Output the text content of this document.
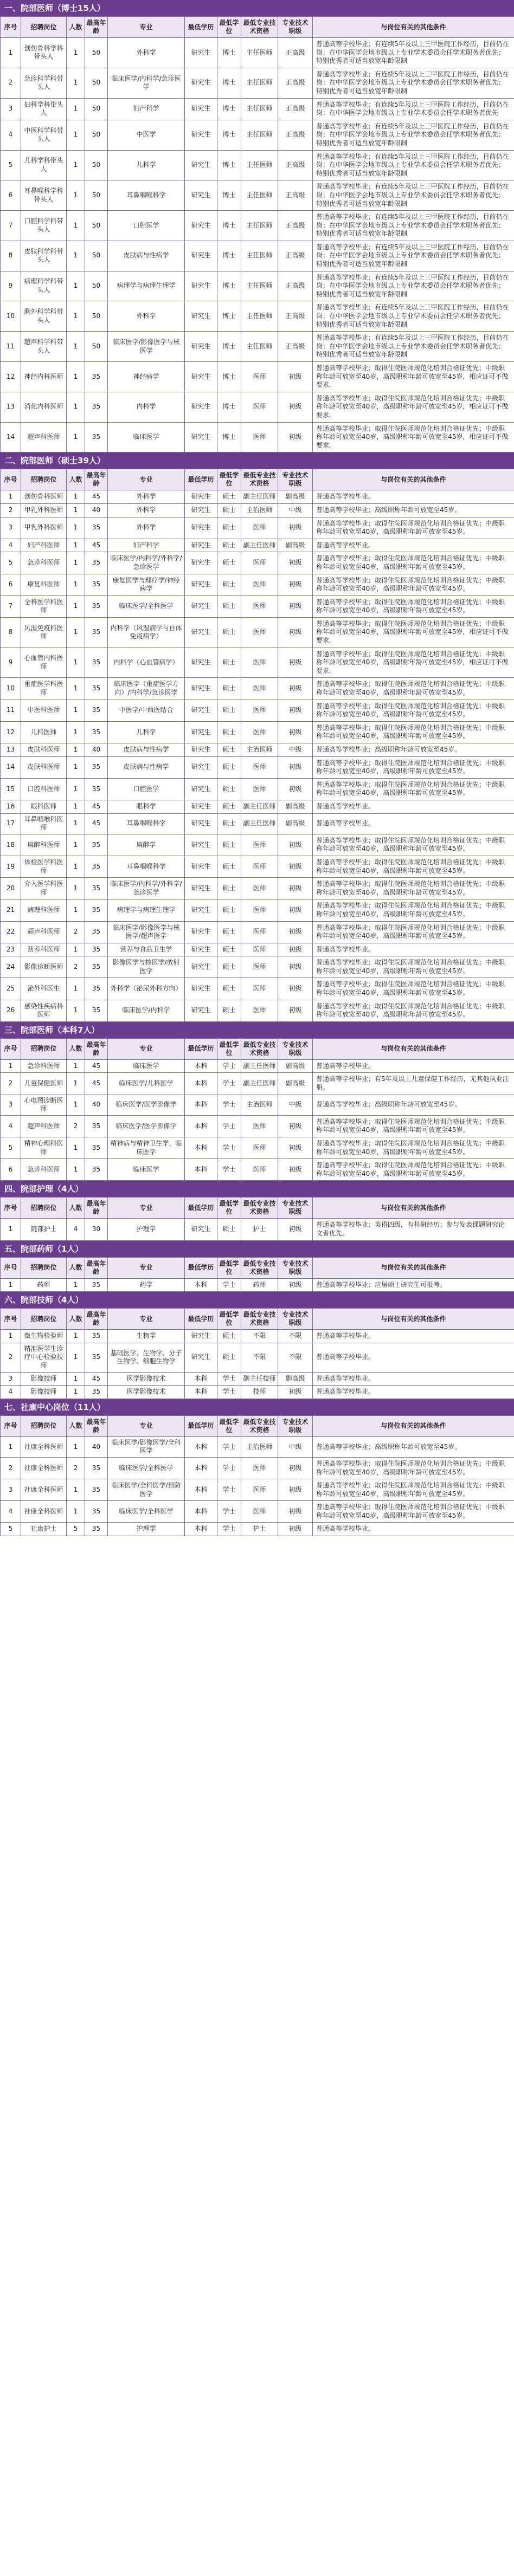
一、院部医师（博士15人）
序号	招聘岗位	人数	最高年龄	专业	最低学历	最低学位	最低专业技术资格	专业技术职级	与岗位有关的其他条件
1	创伤骨科学科带头人	1	50	外科学	研究生	博士	主任医师	正高级	普通高等学校毕业；有连续5年及以上三甲医院工作经历，目前仍在岗；在中华医学会地市级以上专业学术委员会任学术职务者优先；特别优秀者可适当放宽年龄限制
2	急诊科学科带头人	1	50	临床医学/内科学/急诊医学	研究生	博士	主任医师	正高级	普通高等学校毕业；有连续5年及以上三甲医院工作经历，目前仍在岗；在中华医学会地市级以上专业学术委员会任学术职务者优先；特别优秀者可适当放宽年龄限制
3	妇科学科带头人	1	50	妇产科学	研究生	博士	主任医师	正高级	普通高等学校毕业；有连续5年及以上三甲医院工作经历，目前仍在岗；在中华医学会地市级以上专业学术委员会任学术职务者优先
4	中医科学科带头人	1	50	中医学	研究生	博士	主任医师	正高级	普通高等学校毕业；有连续5年及以上三甲医院工作经历，目前仍在岗；在中华医学会地市级以上专业学术委员会任学术职务者优先；特别优秀者可适当放宽年龄限制
5	儿科学科带头人	1	50	儿科学	研究生	博士	主任医师	正高级	普通高等学校毕业；有连续5年及以上三甲医院工作经历，目前仍在岗；在中华医学会地市级以上专业学术委员会任学术职务者优先；特别优秀者可适当放宽年龄限制
6	耳鼻喉科学科带头人	1	50	耳鼻咽喉科学	研究生	博士	主任医师	正高级	普通高等学校毕业；有连续5年及以上三甲医院工作经历，目前仍在岗；在中华医学会地市级以上专业学术委员会任学术职务者优先；特别优秀者可适当放宽年龄限制
7	口腔科学科带头人	1	50	口腔医学	研究生	博士	主任医师	正高级	普通高等学校毕业；有连续5年及以上三甲医院工作经历，目前仍在岗；在中华医学会地市级以上专业学术委员会任学术职务者优先；特别优秀者可适当放宽年龄限制
8	皮肤科学科带头人	1	50	皮肤病与性病学	研究生	博士	主任医师	正高级	普通高等学校毕业；有连续5年及以上三甲医院工作经历，目前仍在岗；在中华医学会地市级以上专业学术委员会任学术职务者优先；特别优秀者可适当放宽年龄限制
9	病理科学科带头人	1	50	病理学与病理生理学	研究生	博士	主任医师	正高级	普通高等学校毕业；有连续5年及以上三甲医院工作经历，目前仍在岗；在中华医学会地市级以上专业学术委员会任学术职务者优先；特别优秀者可适当放宽年龄限制
10	胸外科学科带头人	1	50	外科学	研究生	博士	主任医师	正高级	普通高等学校毕业；有连续5年及以上三甲医院工作经历，目前仍在岗；在中华医学会地市级以上专业学术委员会任学术职务者优先；特别优秀者可适当放宽年龄限制
11	超声科学科带头人	1	50	临床医学/影像医学与核医学	研究生	博士	主任医师	正高级	普通高等学校毕业；有连续5年及以上三甲医院工作经历，目前仍在岗；在中华医学会地市级以上专业学术委员会任学术职务者优先；特别优秀者可适当放宽年龄限制
12	神经内科医师	1	35	神经病学	研究生	博士	医师	初级	普通高等学校毕业；取得住院医师规范化培训合格证优先；中级职称年龄可放宽至40岁，高级职称年龄可放宽至45岁，相应证可不做要求。
13	消化内科医师	1	35	内科学	研究生	博士	医师	初级	普通高等学校毕业；取得住院医师规范化培训合格证优先；中级职称年龄可放宽至40岁，高级职称年龄可放宽至45岁，相应证可不做要求。
14	超声科医师	1	35	临床医学	研究生	博士	医师	初级	普通高等学校毕业；取得住院医师规范化培训合格证优先；中级职称年龄可放宽至40岁，高级职称年龄可放宽至45岁，相应证可不做要求。
二、院部医师（硕士39人）
序号	招聘岗位	人数	最高年龄	专业	最低学历	最低学位	最低专业技术资格	专业技术职级	与岗位有关的其他条件
1	创伤骨科医师	1	45	外科学	研究生	硕士	副主任医师	副高级	普通高等学校毕业。
2	甲乳外科医师	1	40	外科学	研究生	硕士	主治医师	中级	普通高等学校毕业；高级职称年龄可放宽至45岁。
3	甲乳外科医师	1	35	外科学	研究生	硕士	医师	初级	普通高等学校毕业；取得住院医师规范化培训合格证优先；中级职称年龄可放宽至40岁，高级职称年龄可放宽至45岁。
4	妇产科医师	1	45	妇产科学	研究生	硕士	副主任医师	副高级	普通高等学校毕业。
5	急诊科医师	1	35	临床医学/内科学/外科学/急诊医学	研究生	硕士	医师	初级	普通高等学校毕业；取得住院医师规范化培训合格证优先；中级职称年龄可放宽至40岁，高级职称年龄可放宽至45岁。
6	康复科医师	1	35	康复医学与理疗学/神经病学	研究生	硕士	医师	初级	普通高等学校毕业；取得住院医师规范化培训合格证优先；中级职称年龄可放宽至40岁，高级职称年龄可放宽至45岁。
7	全科医学科医师	1	35	临床医学/全科医学	研究生	硕士	医师	初级	普通高等学校毕业；取得住院医师规范化培训合格证优先；中级职称年龄可放宽至40岁，高级职称年龄可放宽至45岁。
8	风湿免疫科医师	1	35	内科学（风湿病学与自体免疫病学）	研究生	硕士	医师	初级	普通高等学校毕业；取得住院医师规范化培训合格证优先；中级职称年龄可放宽至40岁，高级职称年龄可放宽至45岁，相应证可不做要求。
9	心血管内科医师	1	35	内科学（心血管病学）	研究生	硕士	医师	初级	普通高等学校毕业；取得住院医师规范化培训合格证优先；中级职称年龄可放宽至40岁，高级职称年龄可放宽至45岁，相应证可不做要求。
10	重症医学科医师	1	35	临床医学（重症医学方向）/内科学/急诊医学	研究生	硕士	医师	初级	普通高等学校毕业；取得住院医师规范化培训合格证优先；中级职称年龄可放宽至40岁，高级职称年龄可放宽至45岁。
11	中医科医师	1	35	中医学/中西医结合	研究生	硕士	医师	初级	普通高等学校毕业；取得住院医师规范化培训合格证优先；中级职称年龄可放宽至40岁，高级职称年龄可放宽至45岁。
12	儿科医师	1	35	儿科学	研究生	硕士	医师	初级	普通高等学校毕业；取得住院医师规范化培训合格证优先；中级职称年龄可放宽至40岁，高级职称年龄可放宽至45岁。
13	皮肤科医师	1	40	皮肤病与性病学	研究生	硕士	主治医师	中级	普通高等学校毕业；高级职称年龄可放宽至45岁。
14	皮肤科医师	1	35	皮肤病与性病学	研究生	硕士	医师	初级	普通高等学校毕业；取得住院医师规范化培训合格证优先；中级职称年龄可放宽至40岁，高级职称年龄可放宽至45岁。
15	口腔科医师	1	35	口腔医学	研究生	硕士	医师	初级	普通高等学校毕业；取得住院医师规范化培训合格证优先；中级职称年龄可放宽至40岁，高级职称年龄可放宽至45岁。
16	眼科医师	1	45	眼科学	研究生	硕士	副主任医师	副高级	普通高等学校毕业。
17	耳鼻咽喉科医师	1	45	耳鼻咽喉科学	研究生	硕士	副主任医师	副高级	普通高等学校毕业。
18	麻醉科医师	1	35	麻醉学	研究生	硕士	医师	初级	普通高等学校毕业；取得住院医师规范化培训合格证优先；中级职称年龄可放宽至40岁，高级职称年龄可放宽至45岁。
19	体检医学科医师	1	35	耳鼻咽喉科学	研究生	硕士	医师	初级	普通高等学校毕业；取得住院医师规范化培训合格证优先；中级职称年龄可放宽至40岁，高级职称年龄可放宽至45岁。
20	介入医学科医师	1	35	临床医学/内科学/外科学/急诊医学	研究生	硕士	医师	初级	普通高等学校毕业；取得住院医师规范化培训合格证优先；中级职称年龄可放宽至40岁，高级职称年龄可放宽至45岁。
21	病理科医师	1	35	病理学与病理生理学	研究生	硕士	医师	初级	普通高等学校毕业；取得住院医师规范化培训合格证优先；中级职称年龄可放宽至40岁，高级职称年龄可放宽至45岁。
22	超声科医师	2	35	临床医学/影像医学与核医学/超声医学	研究生	硕士	医师	初级	普通高等学校毕业；取得住院医师规范化培训合格证优先；中级职称年龄可放宽至40岁，高级职称年龄可放宽至45岁。
23	营养科医师	1	35	营养与食品卫生学	研究生	硕士	医师	初级	普通高等学校毕业。
24	影像诊断医师	2	35	影像医学与核医学/放射医学	研究生	硕士	医师	初级	普通高等学校毕业；取得住院医师规范化培训合格证优先；中级职称年龄可放宽至40岁，高级职称年龄可放宽至45岁。
25	泌外科医生	1	35	外科学（泌尿外科方向）	研究生	硕士	医师	初级	普通高等学校毕业；取得住院医师规范化培训合格证优先；中级职称年龄可放宽至40岁，高级职称年龄可放宽至45岁。
26	感染性疾病科医师	1	35	临床医学/内科学	研究生	硕士	医师	初级	普通高等学校毕业；取得住院医师规范化培训合格证优先；中级职称年龄可放宽至40岁，高级职称年龄可放宽至45岁。
三、院部医师（本科7人）
序号	招聘岗位	人数	最高年龄	专业	最低学历	最低学位	最低专业技术资格	专业技术职级	与岗位有关的其他条件
1	急诊科医师	1	45	临床医学	本科	学士	副主任医师	副高级	普通高等学校毕业。
2	儿童保健医师	1	45	临床医学/儿科医学	本科	学士	副主任医师	副高级	普通高等学校毕业；有5年及以上儿童保健工作经历，无其他执业注册。
3	心电图诊断医师	1	40	临床医学/医学影像学	本科	学士	主治医师	中级	普通高等学校毕业；高级职称年龄可放宽至45岁。
4	超声科医师	2	35	临床医学/医学影像学	本科	学士	医师	初级	普通高等学校毕业；取得住院医师规范化培训合格证优先；中级职称年龄可放宽至40岁，高级职称年龄可放宽至45岁。
5	精神心理科医师	1	35	精神病与精神卫生学，临床医学	本科	学士	医师	初级	普通高等学校毕业；取得住院医师规范化培训合格证优先；中级职称年龄可放宽至40岁，高级职称年龄可放宽至45岁。
6	急诊科医师	1	35	临床医学	本科	学士	医师	初级	普通高等学校毕业；取得住院医师规范化培训合格证优先；中级职称年龄可放宽至40岁，高级职称年龄可放宽至45岁。
四、院部护理（4人）
序号	招聘岗位	人数	最高年龄	专业	最低学历	最低学位	最低专业技术资格	专业技术职级	与岗位有关的其他条件
1	院部护士	4	30	护理学	研究生	硕士	护士	初级	普通高等学校毕业；英语四级，有科研经历；参与发表课题研究论文者优先。
五、院部药师（1人）
序号	招聘岗位	人数	最高年龄	专业	最低学历	最低学位	最低专业技术资格	专业技术职级	与岗位有关的其他条件
1	药师	1	35	药学	本科	学士	药师	初级	普通高等学校毕业；应届硕士研究生可报考。
六、院部技师（4人）
序号	招聘岗位	人数	最高年龄	专业	最低学历	最低学位	最低专业技术资格	专业技术职级	与岗位有关的其他条件
1	微生物检验师	1	35	生物学	研究生	硕士	不限	不限	普通高等学校毕业。
2	精准医学生诊疗中心检验技师	1	35	基础医学、生物学、分子生物学、细胞生物学	研究生	硕士	不限	不限	普通高等学校毕业。
3	影像技师	1	45	医学影像技术	本科	学士	副主任技师	副高级	普通高等学校毕业。
4	影像技师	1	35	医学影像技术	本科	学士	技师	初级	普通高等学校毕业。
七、社康中心岗位（11人）
序号	招聘岗位	人数	最高年龄	专业	最低学历	最低学位	最低专业技术资格	专业技术职级	与岗位有关的其他条件
1	社康全科医师	1	40	临床医学/影像医学/全科医学	本科	学士	主治医师	中级	普通高等学校毕业；高级职称年龄可放宽至45岁。
2	社康全科医师	2	35	临床医学/全科医学	本科	学士	医师	初级	普通高等学校毕业；取得住院医师规范化培训合格证优先；中级职称年龄可放宽至40岁，高级职称年龄可放宽至45岁。
3	社康全科医师	1	35	临床医学/全科医学/预防医学	本科	学士	医师	初级	普通高等学校毕业；取得住院医师规范化培训合格证优先；中级职称年龄可放宽至40岁，高级职称年龄可放宽至45岁。
4	社康全科医师	1	35	临床医学/全科医学	本科	学士	医师	初级	普通高等学校毕业；取得住院医师规范化培训合格证优先；中级职称年龄可放宽至40岁，高级职称年龄可放宽至45岁。
5	社康护士	5	35	护理学	本科	学士	护士	初级	普通高等学校毕业。
